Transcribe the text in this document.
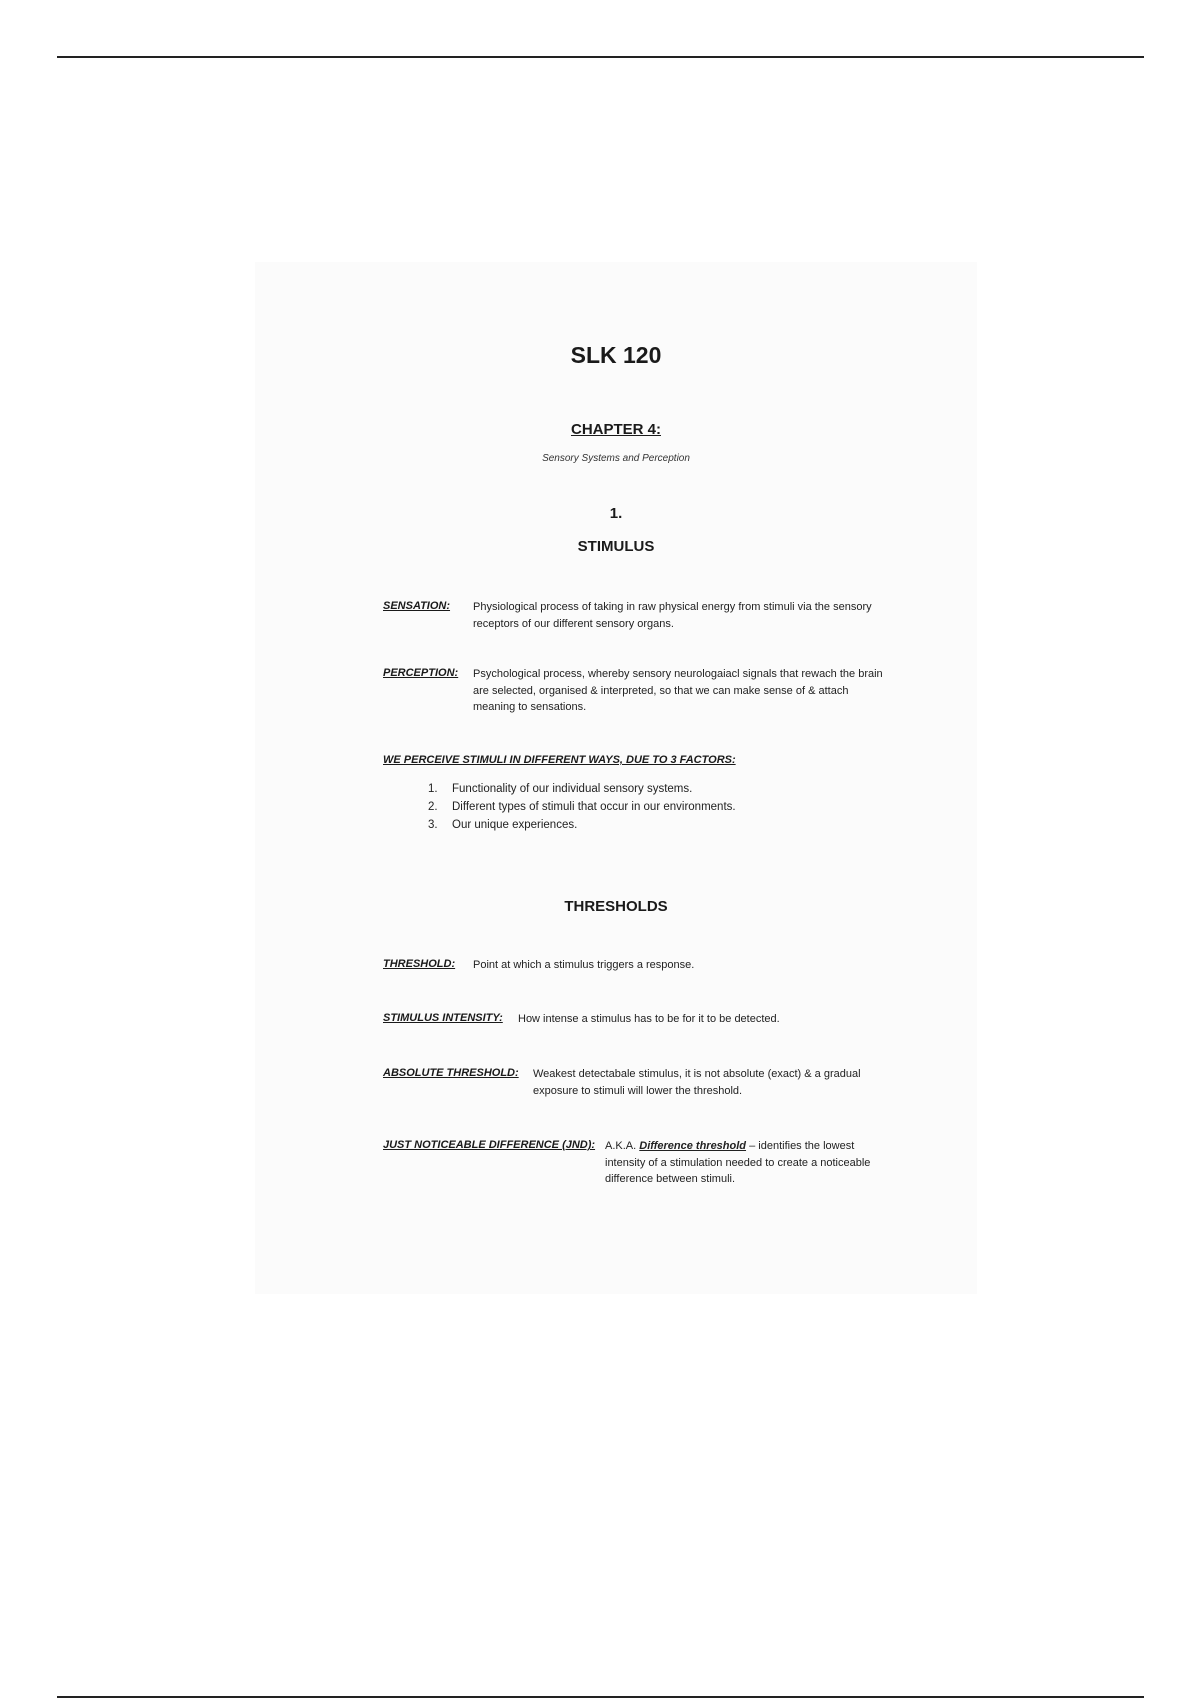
SLK 120
CHAPTER 4:
Sensory Systems and Perception
1.
STIMULUS
SENSATION: Physiological process of taking in raw physical energy from stimuli via the sensory receptors of our different sensory organs.
PERCEPTION: Psychological process, whereby sensory neurologaiacl signals that rewach the brain are selected, organised & interpreted, so that we can make sense of & attach meaning to sensations.
WE PERCEIVE STIMULI IN DIFFERENT WAYS, DUE TO 3 FACTORS:
1. Functionality of our individual sensory systems.
2. Different types of stimuli that occur in our environments.
3. Our unique experiences.
THRESHOLDS
THRESHOLD: Point at which a stimulus triggers a response.
STIMULUS INTENSITY: How intense a stimulus has to be for it to be detected.
ABSOLUTE THRESHOLD: Weakest detectabale stimulus, it is not absolute (exact) & a gradual exposure to stimuli will lower the threshold.
JUST NOTICEABLE DIFFERENCE (JND): A.K.A. Difference threshold – identifies the lowest intensity of a stimulation needed to create a noticeable difference between stimuli.
